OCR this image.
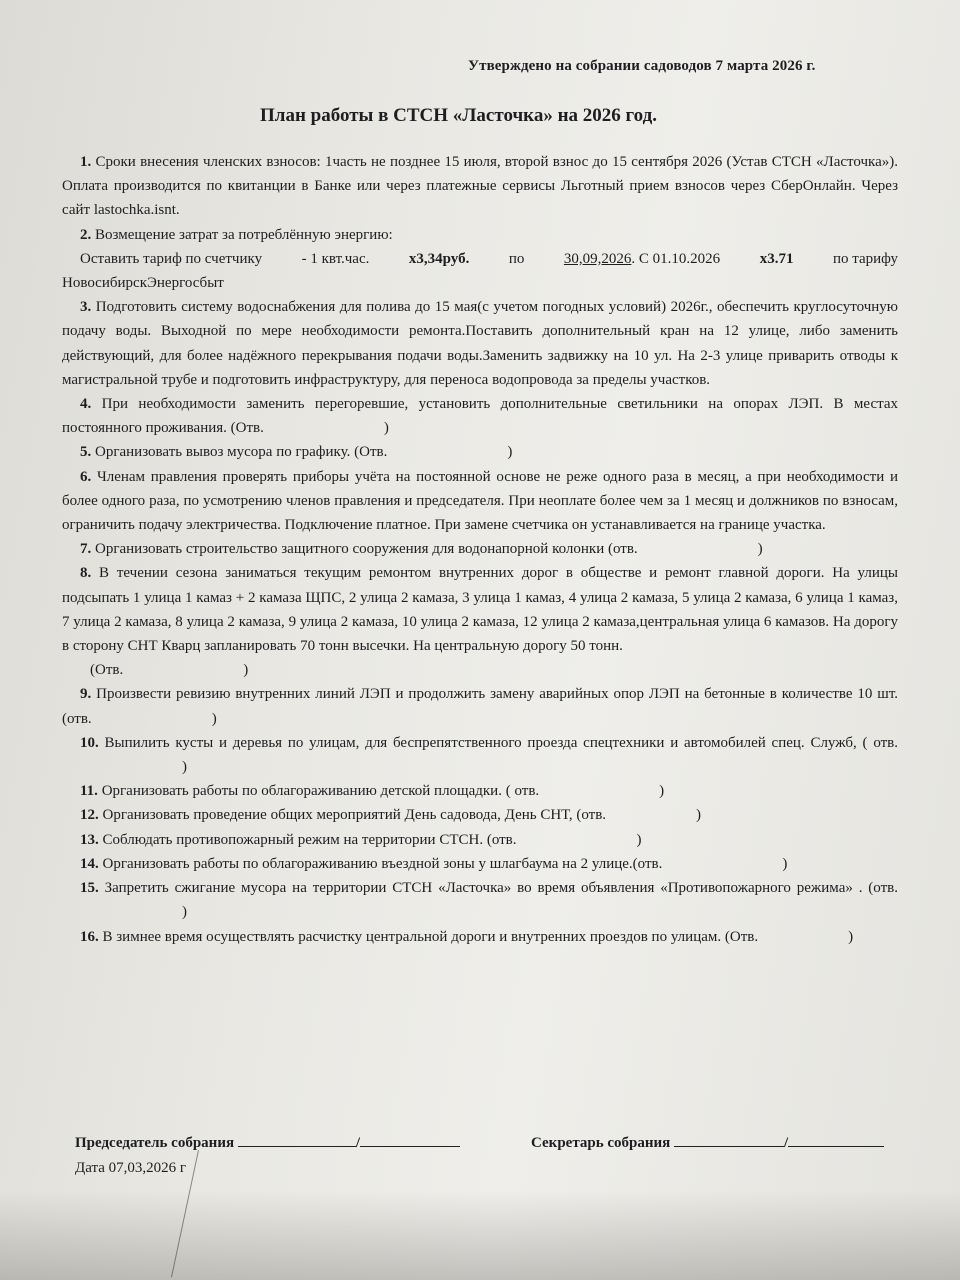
Утверждено на собрании садоводов 7 марта 2026 г.
План работы в СТСН «Ласточка» на 2026 год.

1. Сроки внесения членских взносов: 1часть не позднее 15 июля, второй взнос до 15 сентября 2026 (Устав СТСН «Ласточка»). Оплата производится по квитанции в Банке или через платежные сервисы Льготный прием взносов через СберОнлайн. Через сайт lastochka.isnt.

2. Возмещение затрат за потреблённую энергию:

Оставить тариф по счетчику	- 1 квт.час.	х3,34руб.	по	30,09,2026. С 01.10.2026	х3.71	по тарифу

НовосибирскЭнергосбыт

3. Подготовить систему водоснабжения для полива до 15 мая(с учетом погодных условий) 2026г., обеспечить круглосуточную подачу воды. Выходной по мере необходимости ремонта.Поставить дополнительный кран на 12 улице, либо заменить действующий, для более надёжного перекрывания подачи воды.Заменить задвижку на 10 ул. На 2-3 улице приварить отводы к магистральной трубе и подготовить инфраструктуру, для переноса водопровода за пределы участков.

4. При необходимости заменить перегоревшие, установить дополнительные светильники на опорах ЛЭП. В местах постоянного проживания. (Отв.	)

5. Организовать вывоз мусора по графику. (Отв.	)

6. Членам правления проверять приборы учёта на постоянной основе не реже одного раза в месяц, а при необходимости и более одного раза, по усмотрению членов правления и председателя. При неоплате более чем за 1 месяц и должников по взносам, ограничить подачу электричества. Подключение платное. При замене счетчика он устанавливается на границе участка.

7. Организовать строительство защитного сооружения для водонапорной колонки (отв.	)

8. В течении сезона заниматься текущим ремонтом внутренних дорог в обществе и ремонт главной дороги. На улицы подсыпать 1 улица 1 камаз + 2 камаза ЩПС, 2 улица 2 камаза, 3 улица 1 камаз, 4 улица 2 камаза, 5 улица 2 камаза, 6 улица 1 камаз, 7 улица 2 камаза, 8 улица 2 камаза, 9 улица 2 камаза, 10 улица 2 камаза, 12 улица 2 камаза,центральная улица 6 камазов. На дорогу в сторону СНТ Кварц запланировать 70 тонн высечки. На центральную дорогу 50 тонн.

(Отв.	)

9. Произвести ревизию внутренних линий ЛЭП и продолжить замену аварийных опор ЛЭП на бетонные в количестве 10 шт. (отв.	)

10. Выпилить кусты и деревья по улицам, для беспрепятственного проезда спецтехники и автомобилей спец. Служб, ( отв.)

11. Организовать работы по облагораживанию детской площадки. ( отв.	)

12. Организовать проведение общих мероприятий День садовода, День СНТ, (отв.	)

13. Соблюдать противопожарный режим на территории СТСН. (отв.	)

14. Организовать работы по облагораживанию въездной зоны у шлагбаума на 2 улице.(отв.	)

15. Запретить сжигание мусора на территории СТСН «Ласточка» во время объявления «Противопожарного режима» . (отв.)

16. В зимнее время осуществлять расчистку центральной дороги и внутренних проездов по улицам. (Отв.	)

Председатель собрания	/	Секретарь собрания	/
Дата 07,03,2026 г
